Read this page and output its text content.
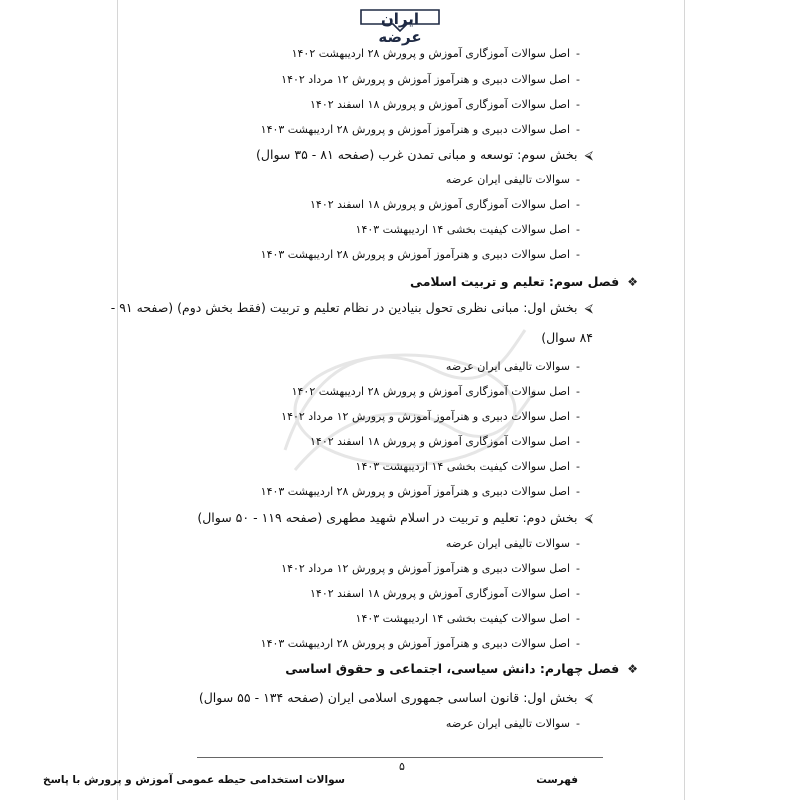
ایران عرضه
-اصل سوالات آموزگاری آموزش و پرورش ۲۸ اردیبهشت ۱۴۰۲
-اصل سوالات دبیری و هنرآموز آموزش و پرورش ۱۲ مرداد ۱۴۰۲
-اصل سوالات آموزگاری آموزش و پرورش ۱۸ اسفند ۱۴۰۲
-اصل سوالات دبیری و هنرآموز آموزش و پرورش ۲۸ اردیبهشت ۱۴۰۳
⮘بخش سوم: توسعه و مبانی تمدن غرب (صفحه ۸۱ - ۳۵ سوال)
-سوالات تالیفی ایران عرضه
-اصل سوالات آموزگاری آموزش و پرورش ۱۸ اسفند ۱۴۰۲
-اصل سوالات کیفیت بخشی ۱۴ اردیبهشت ۱۴۰۳
-اصل سوالات دبیری و هنرآموز آموزش و پرورش ۲۸ اردیبهشت ۱۴۰۳
❖فصل سوم: تعلیم و تربیت اسلامی
⮘بخش اول: مبانی نظری تحول بنیادین در نظام تعلیم و تربیت (فقط بخش دوم) (صفحه ۹۱ -
۸۴ سوال)
-سوالات تالیفی ایران عرضه
-اصل سوالات آموزگاری آموزش و پرورش ۲۸ اردیبهشت ۱۴۰۲
-اصل سوالات دبیری و هنرآموز آموزش و پرورش ۱۲ مرداد ۱۴۰۲
-اصل سوالات آموزگاری آموزش و پرورش ۱۸ اسفند ۱۴۰۲
-اصل سوالات کیفیت بخشی ۱۴ اردیبهشت ۱۴۰۳
-اصل سوالات دبیری و هنرآموز آموزش و پرورش ۲۸ اردیبهشت ۱۴۰۳
⮘بخش دوم: تعلیم و تربیت در اسلام شهید مطهری (صفحه ۱۱۹ - ۵۰ سوال)
-سوالات تالیفی ایران عرضه
-اصل سوالات دبیری و هنرآموز آموزش و پرورش ۱۲ مرداد ۱۴۰۲
-اصل سوالات آموزگاری آموزش و پرورش ۱۸ اسفند ۱۴۰۲
-اصل سوالات کیفیت بخشی ۱۴ اردیبهشت ۱۴۰۳
-اصل سوالات دبیری و هنرآموز آموزش و پرورش ۲۸ اردیبهشت ۱۴۰۳
❖فصل چهارم: دانش سیاسی، اجتماعی و حقوق اساسی
⮘بخش اول: قانون اساسی جمهوری اسلامی ایران (صفحه ۱۳۴ - ۵۵ سوال)
-سوالات تالیفی ایران عرضه
۵
سوالات استخدامی حیطه عمومی آموزش و پرورش با پاسخ	فهرست
